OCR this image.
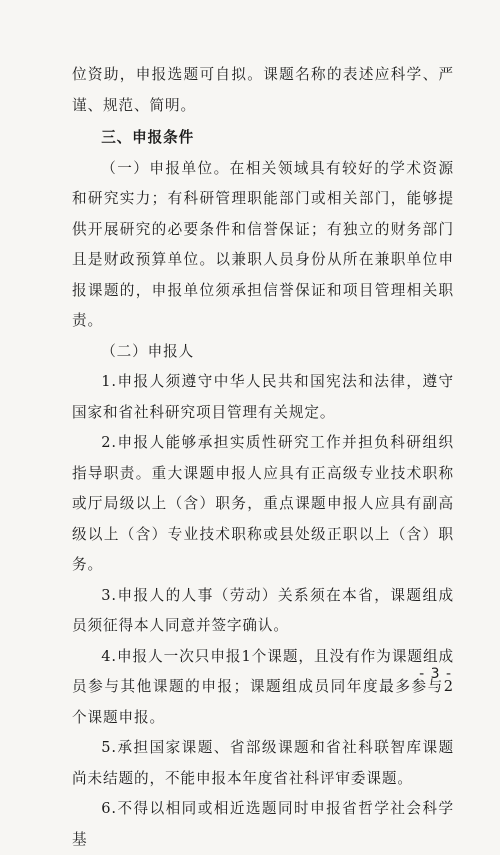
位资助，申报选题可自拟。课题名称的表述应科学、严谨、规范、简明。

三、申报条件

（一）申报单位。在相关领域具有较好的学术资源和研究实力；有科研管理职能部门或相关部门，能够提供开展研究的必要条件和信誉保证；有独立的财务部门且是财政预算单位。以兼职人员身份从所在兼职单位申报课题的，申报单位须承担信誉保证和项目管理相关职责。

（二）申报人

1.申报人须遵守中华人民共和国宪法和法律，遵守国家和省社科研究项目管理有关规定。

2.申报人能够承担实质性研究工作并担负科研组织指导职责。重大课题申报人应具有正高级专业技术职称或厅局级以上（含）职务，重点课题申报人应具有副高级以上（含）专业技术职称或县处级正职以上（含）职务。

3.申报人的人事（劳动）关系须在本省，课题组成员须征得本人同意并签字确认。

4.申报人一次只申报1个课题，且没有作为课题组成员参与其他课题的申报；课题组成员同年度最多参与2个课题申报。

5.承担国家课题、省部级课题和省社科联智库课题尚未结题的，不能申报本年度省社科评审委课题。

6.不得以相同或相近选题同时申报省哲学社会科学基

- 3 -
